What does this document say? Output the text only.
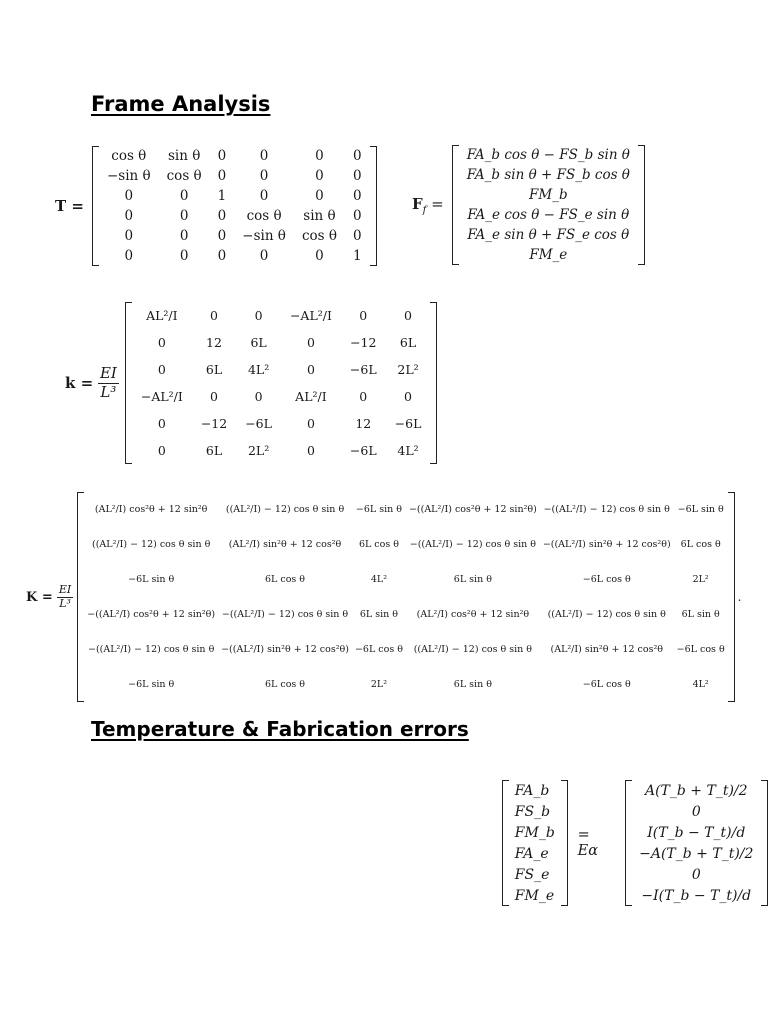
Frame Analysis
Temperature & Fabrication errors
T =
	cos θ	sin θ	0	0	0	0	
	−sin θ	cos θ	0	0	0	0	
	0	0	1	0	0	0	
	0	0	0	cos θ	sin θ	0	
	0	0	0	−sin θ	cos θ	0	
	0	0	0	0	0	1	
$F_f$ =
	FA_b cos θ − FS_b sin θ	
FA_b sin θ + FS_b cos θ
FM_b
FA_e cos θ − FS_e sin θ
FA_e sin θ + FS_e cos θ
FM_e
k =
$\frac{EI}{\text{L³}}$
	AL²/I	0	0	−AL²/I	0	0	
	0	12	6L	0	−12	6L	
	0	6L	4L²	0	−6L	2L²	
	−AL²/I	0	0	AL²/I	0	0	
	0	−12	−6L	0	12	−6L	
	0	6L	2L²	0	−6L	4L²	
K =
$\frac{EI}{\text{L³}}$
	(AL²/I) cos²θ + 12 sin²θ	((AL²/I) − 12) cos θ sin θ	−6L sin θ	−((AL²/I) cos²θ + 12 sin²θ)	−((AL²/I) − 12) cos θ sin θ	−6L sin θ	
	((AL²/I) − 12) cos θ sin θ	(AL²/I) sin²θ + 12 cos²θ	6L cos θ	−((AL²/I) − 12) cos θ sin θ	−((AL²/I) sin²θ + 12 cos²θ)	6L cos θ	
	−6L sin θ	6L cos θ	4L²	6L sin θ	−6L cos θ	2L²	
	−((AL²/I) cos²θ + 12 sin²θ)	−((AL²/I) − 12) cos θ sin θ	6L sin θ	(AL²/I) cos²θ + 12 sin²θ	((AL²/I) − 12) cos θ sin θ	6L sin θ	
	−((AL²/I) − 12) cos θ sin θ	−((AL²/I) sin²θ + 12 cos²θ)	−6L cos θ	((AL²/I) − 12) cos θ sin θ	(AL²/I) sin²θ + 12 cos²θ	−6L cos θ	
	−6L sin θ	6L cos θ	2L²	6L sin θ	−6L cos θ	4L²	
.
	FA_b	
FS_b
FM_b
FA_e
FS_e
FM_e
= Eα
	A(T_b + T_t)/2	
0
I(T_b − T_t)/d
−A(T_b + T_t)/2
0
−I(T_b − T_t)/d
